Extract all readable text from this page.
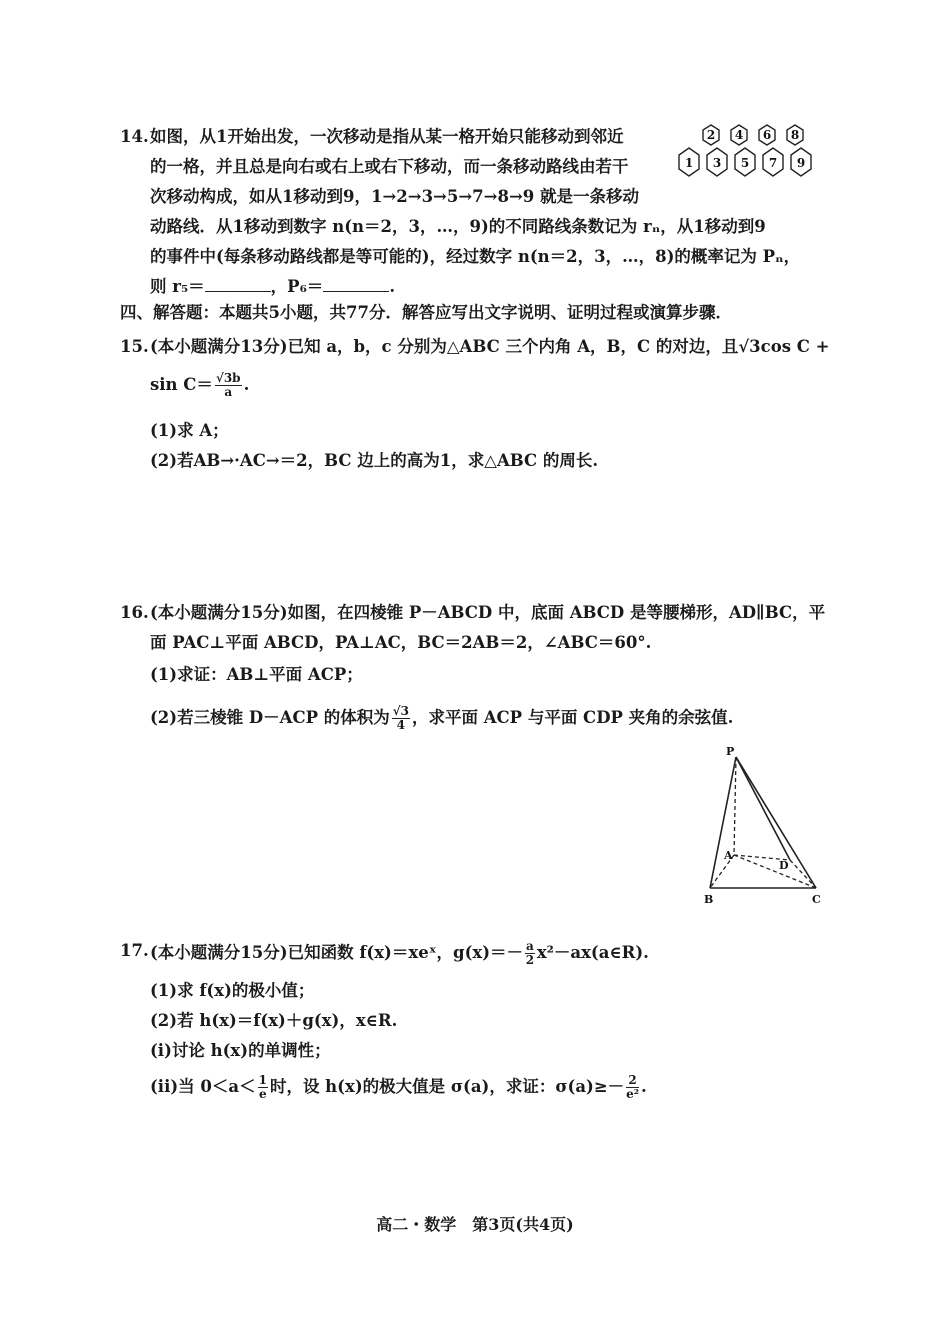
14. 如图，从1开始出发，一次移动是指从某一格开始只能移动到邻近
的一格，并且总是向右或右上或右下移动，而一条移动路线由若干
次移动构成，如从1移动到9，1→2→3→5→7→8→9 就是一条移动
动路线．从1移动到数字 n(n＝2，3，…，9)的不同路线条数记为 rₙ，从1移动到9
的事件中(每条移动路线都是等可能的)，经过数字 n(n＝2，3，…，8)的概率记为 Pₙ，
则 r₅＝	，P₆＝	.
2 4 6 8
1 3 5 7 9
四、解答题：本题共5小题，共77分．解答应写出文字说明、证明过程或演算步骤．
15. (本小题满分13分)已知 a，b，c 分别为△ABC 三个内角 A，B，C 的对边，且√3cos C +
$\sin C= \frac{√3b}{a}$ .
(1)求 A；
(2)若AB→·AC→＝2，BC 边上的高为1，求△ABC 的周长.
16. (本小题满分15分)如图，在四棱锥 P－ABCD 中，底面 ABCD 是等腰梯形，AD∥BC，平
面 PAC⊥平面 ABCD，PA⊥AC，BC＝2AB＝2，∠ABC＝60°.
(1)求证：AB⊥平面 ACP；
(2)若三棱锥 D－ACP 的体积为 $\frac{√3}{4}$ ，求平面 ACP 与平面 CDP 夹角的余弦值.
P
A
D
B	C
17. (本小题满分15分)已知函数 f(x)＝xeˣ，$g(x)=- \frac{a}{2}$ x²－ax(a∈R).
(1)求 f(x)的极小值；
(2)若 h(x)＝f(x)＋g(x)，x∈R.
(i)讨论 h(x)的单调性；
(ii)当 $0<a< \frac{1}{e}$ 时，设 h(x)的极大值是 σ(a)，求证：$\sigma(a)\ge- \frac{2}{\text{e²}}$ .
高二・数学　第3页(共4页)
